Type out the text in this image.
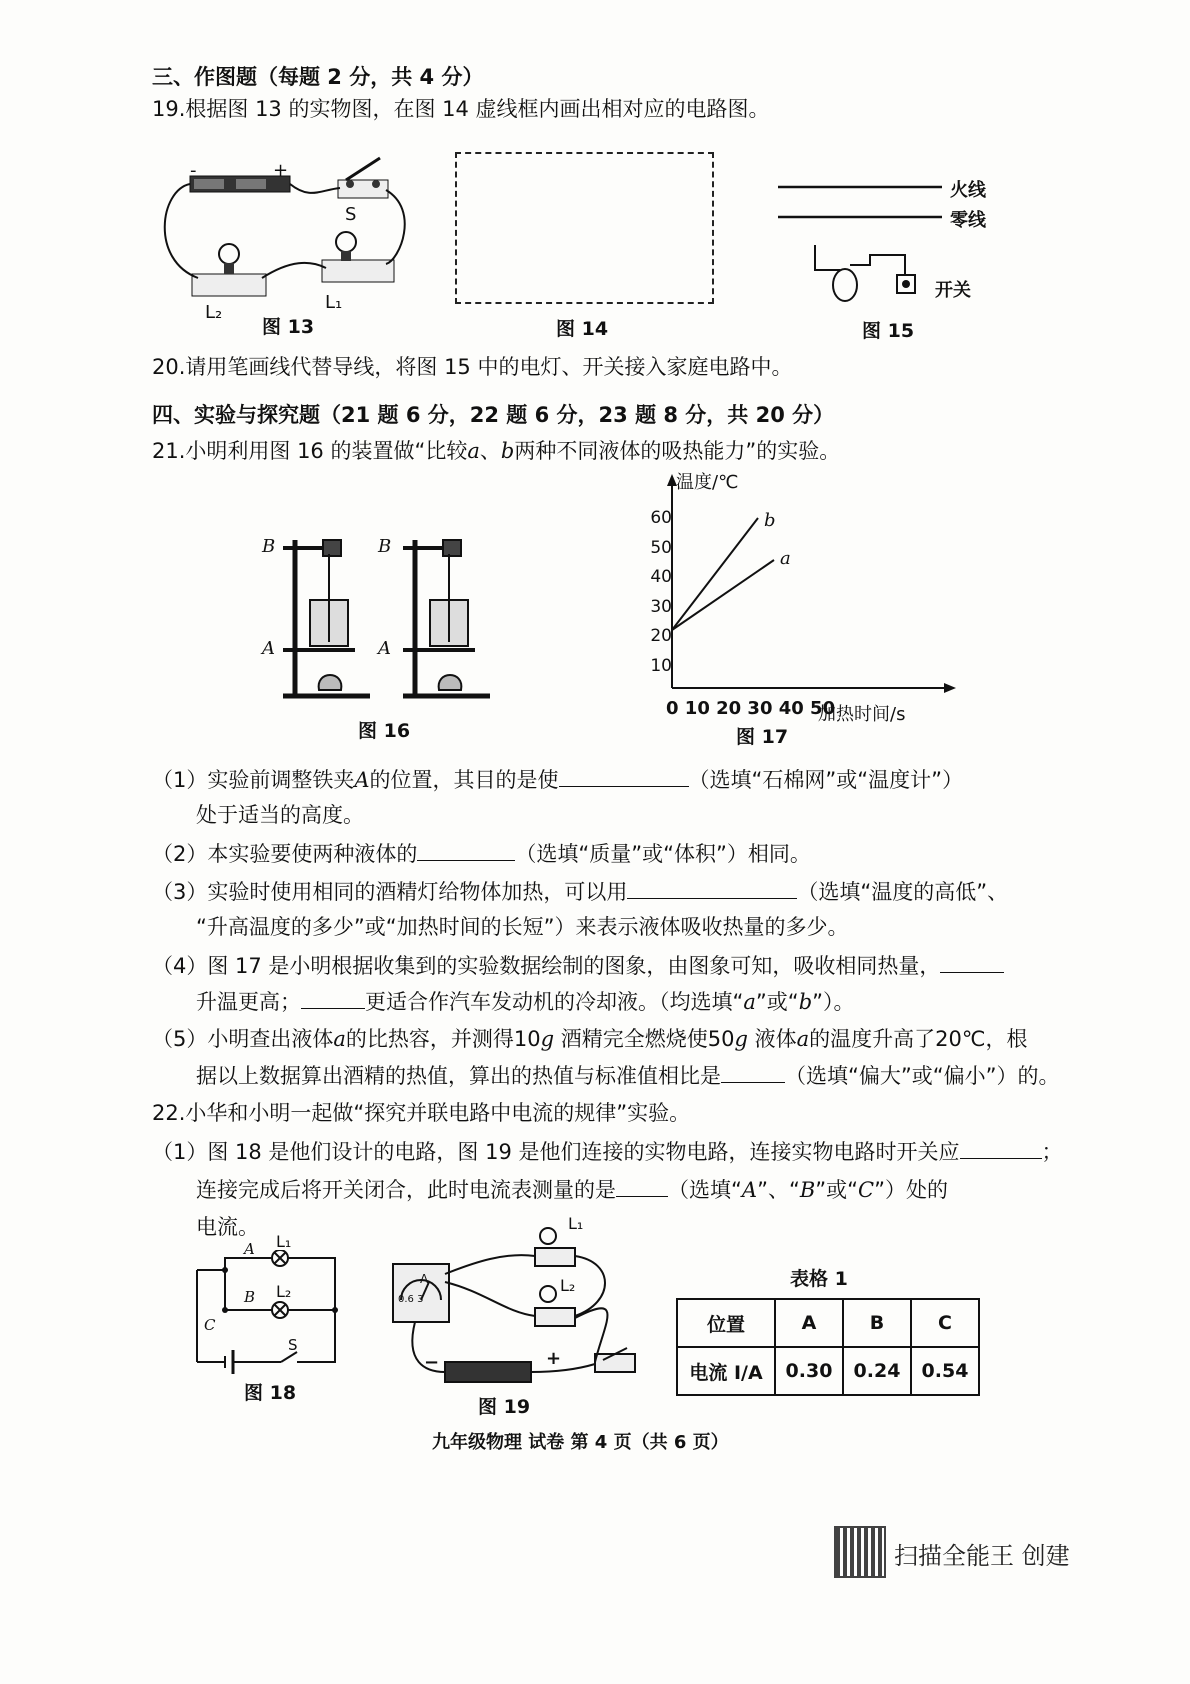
三、作图题（每题 2 分，共 4 分）
19.根据图 13 的实物图，在图 14 虚线框内画出相对应的电路图。
-	+
S
L₂	L₁
图 13	图 14
火线
零线
开关
图 15
20.请用笔画线代替导线，将图 15 中的电灯、开关接入家庭电路中。
四、实验与探究题（21 题 6 分，22 题 6 分，23 题 8 分，共 20 分）
21.小明利用图 16 的装置做“比较a、b两种不同液体的吸热能力”的实验。
B	B
A	A
图 16
温度/℃
60
50
40
30
20
10
b
a
0 10 20 30 40 50
加热时间/s
图 17
（1）实验前调整铁夹A的位置，其目的是使	（选填“石棉网”或“温度计”）
处于适当的高度。
（2）本实验要使两种液体的	（选填“质量”或“体积”）相同。
（3）实验时使用相同的酒精灯给物体加热，可以用	（选填“温度的高低”、
“升高温度的多少”或“加热时间的长短”）来表示液体吸收热量的多少。
（4）图 17 是小明根据收集到的实验数据绘制的图象，由图象可知，吸收相同热量，
升温更高；	更适合作汽车发动机的冷却液。（均选填“a”或“b”）。
（5）小明查出液体a的比热容，并测得10g 酒精完全燃烧使50g 液体a的温度升高了20℃，根
据以上数据算出酒精的热值，算出的热值与标准值相比是	（选填“偏大”或“偏小”）的。
22.小华和小明一起做“探究并联电路中电流的规律”实验。
（1）图 18 是他们设计的电路，图 19 是他们连接的实物电路，连接实物电路时开关应	；
连接完成后将开关闭合，此时电流表测量的是 （选填“A”、“B”或“C”）处的
电流。
A L₁
B L₂
C
S
图 18
A
0.6 3
L₁
L₂
−	+
图 19
表格 1
位置	A	B	C
电流 I/A	0.30	0.24	0.54
九年级物理 试卷 第 4 页（共 6 页）
扫描全能王 创建
